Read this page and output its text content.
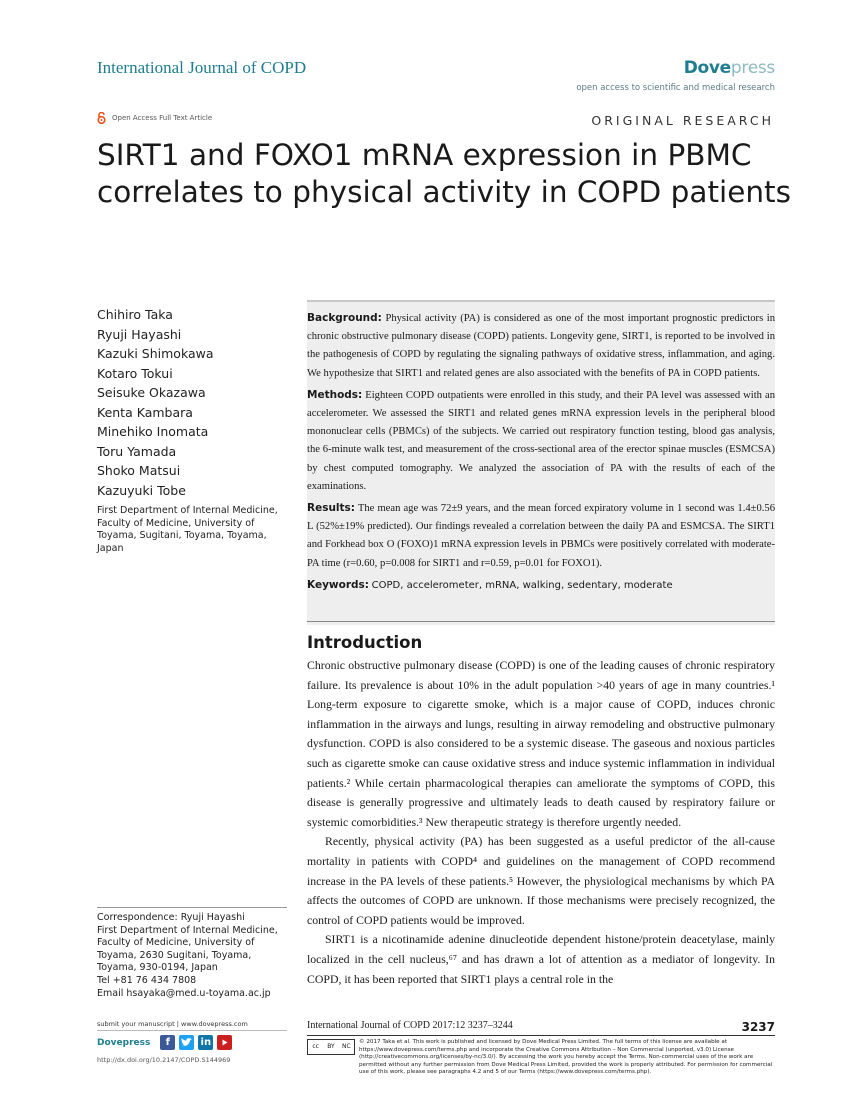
International Journal of COPD	Dovepress
open access to scientific and medical research
Open Access Full Text Article	ORIGINAL RESEARCH
SIRT1 and FOXO1 mRNA expression in PBMC correlates to physical activity in COPD patients
Chihiro Taka
Ryuji Hayashi
Kazuki Shimokawa
Kotaro Tokui
Seisuke Okazawa
Kenta Kambara
Minehiko Inomata
Toru Yamada
Shoko Matsui
Kazuyuki Tobe
First Department of Internal Medicine, Faculty of Medicine, University of Toyama, Sugitani, Toyama, Toyama, Japan

Background: Physical activity (PA) is considered as one of the most important prognostic predictors in chronic obstructive pulmonary disease (COPD) patients. Longevity gene, SIRT1, is reported to be involved in the pathogenesis of COPD by regulating the signaling pathways of oxidative stress, inflammation, and aging. We hypothesize that SIRT1 and related genes are also associated with the benefits of PA in COPD patients.

Methods: Eighteen COPD outpatients were enrolled in this study, and their PA level was assessed with an accelerometer. We assessed the SIRT1 and related genes mRNA expression levels in the peripheral blood mononuclear cells (PBMCs) of the subjects. We carried out respiratory function testing, blood gas analysis, the 6-minute walk test, and measurement of the cross-sectional area of the erector spinae muscles (ESMCSA) by chest computed tomography. We analyzed the association of PA with the results of each of the examinations.

Results: The mean age was 72±9 years, and the mean forced expiratory volume in 1 second was 1.4±0.56 L (52%±19% predicted). Our findings revealed a correlation between the daily PA and ESMCSA. The SIRT1 and Forkhead box O (FOXO)1 mRNA expression levels in PBMCs were positively correlated with moderate-PA time (r=0.60, p=0.008 for SIRT1 and r=0.59, p=0.01 for FOXO1).

Keywords: COPD, accelerometer, mRNA, walking, sedentary, moderate

Introduction

Chronic obstructive pulmonary disease (COPD) is one of the leading causes of chronic respiratory failure. Its prevalence is about 10% in the adult population >40 years of age in many countries.¹ Long-term exposure to cigarette smoke, which is a major cause of COPD, induces chronic inflammation in the airways and lungs, resulting in airway remodeling and obstructive pulmonary dysfunction. COPD is also considered to be a systemic disease. The gaseous and noxious particles such as cigarette smoke can cause oxidative stress and induce systemic inflammation in individual patients.² While certain pharmacological therapies can ameliorate the symptoms of COPD, this disease is generally progressive and ultimately leads to death caused by respiratory failure or systemic comorbidities.³ New therapeutic strategy is therefore urgently needed.

Recently, physical activity (PA) has been suggested as a useful predictor of the all-cause mortality in patients with COPD⁴ and guidelines on the management of COPD recommend increase in the PA levels of these patients.⁵ However, the physiological mechanisms by which PA affects the outcomes of COPD are unknown. If those mechanisms were precisely recognized, the control of COPD patients would be improved.

SIRT1 is a nicotinamide adenine dinucleotide dependent histone/protein deacetylase, mainly localized in the cell nucleus,⁶⁷ and has drawn a lot of attention as a mediator of longevity. In COPD, it has been reported that SIRT1 plays a central role in the

Correspondence: Ryuji Hayashi
First Department of Internal Medicine, Faculty of Medicine, University of Toyama, 2630 Sugitani, Toyama, Toyama, 930-0194, Japan
Tel +81 76 434 7808
Email hsayaka@med.u-toyama.ac.jp
submit your manuscript | www.dovepress.com
Dovepress	f	in
http://dx.doi.org/10.2147/COPD.S144969
International Journal of COPD 2017:12 3237–3244	3237
cc	BY	NC
© 2017 Taka et al. This work is published and licensed by Dove Medical Press Limited. The full terms of this license are available at https://www.dovepress.com/terms.php and incorporate the Creative Commons Attribution – Non Commercial (unported, v3.0) License (http://creativecommons.org/licenses/by-nc/3.0/). By accessing the work you hereby accept the Terms. Non-commercial uses of the work are permitted without any further permission from Dove Medical Press Limited, provided the work is properly attributed. For permission for commercial use of this work, please see paragraphs 4.2 and 5 of our Terms (https://www.dovepress.com/terms.php).
